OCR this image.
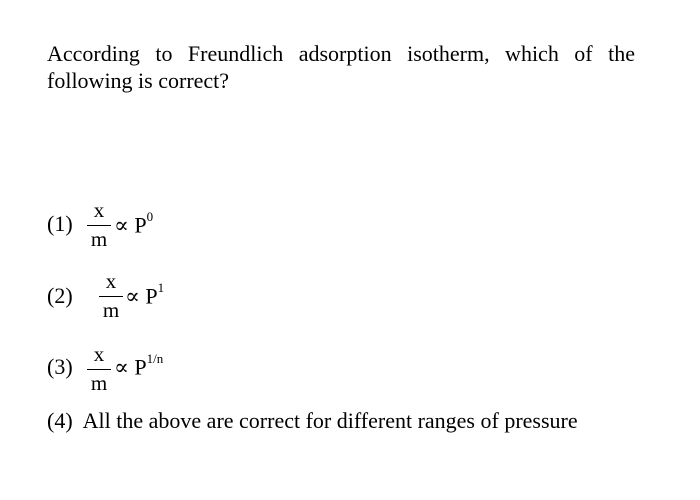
According to Freundlich adsorption isotherm, which of the following is correct?
(1)
x
m
∝ $P^0$
(2)
x
m
∝ $P^1$
(3)	x
m
∝ $P^{1/n}$
(4) All the above are correct for different ranges of pressure
